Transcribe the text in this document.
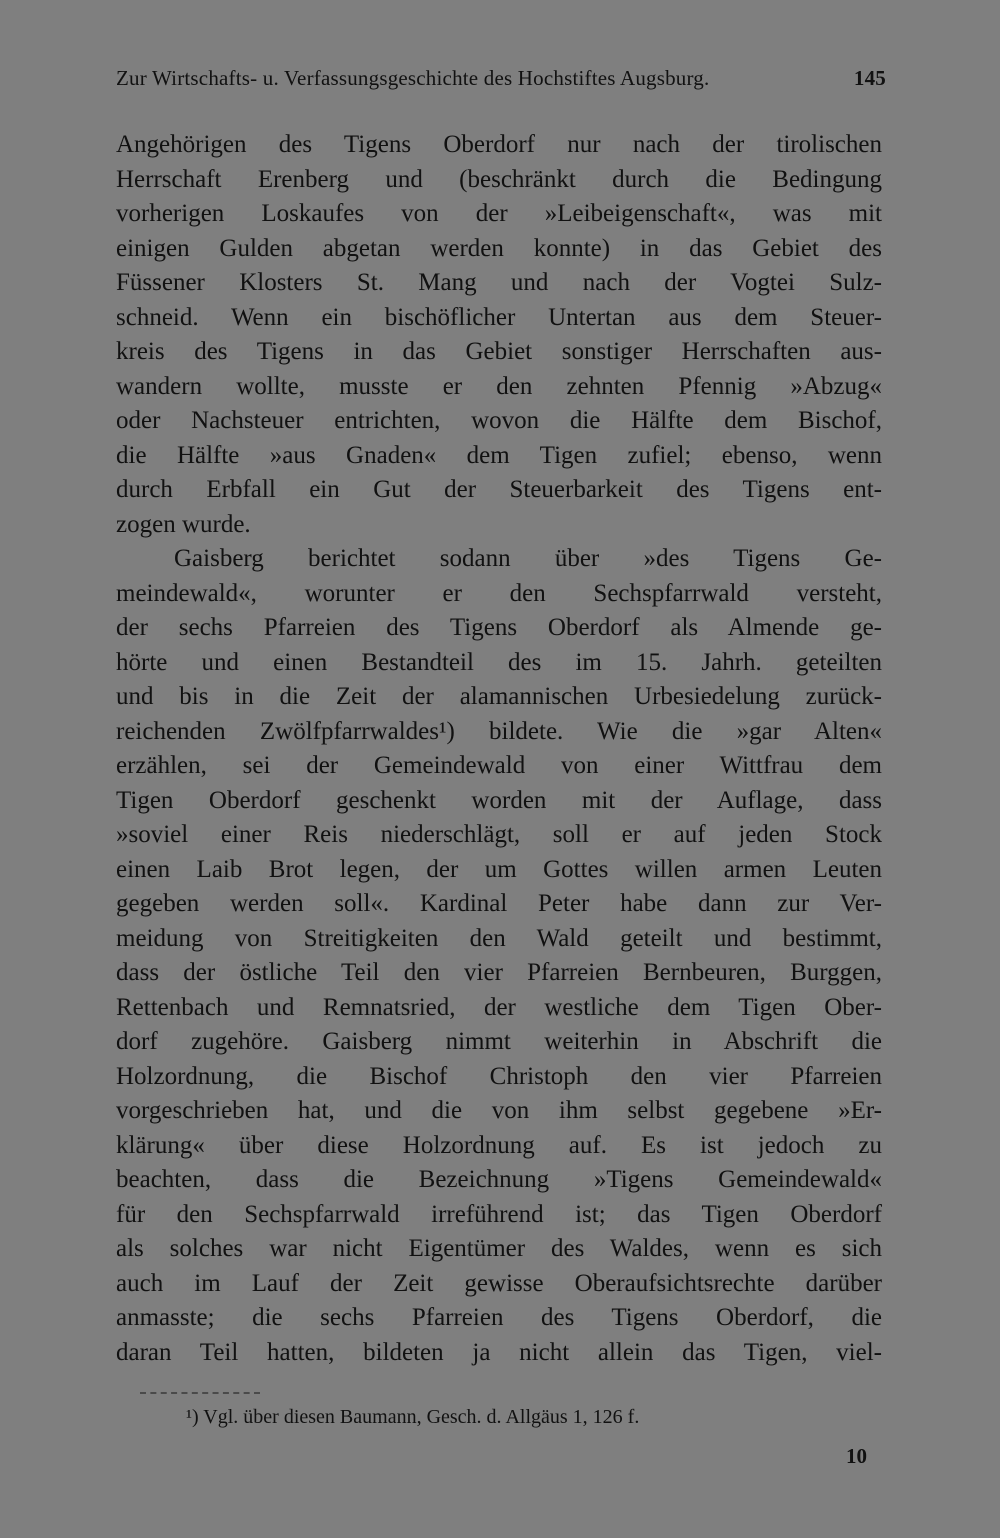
Zur Wirtschafts- u. Verfassungsgeschichte des Hochstiftes Augsburg.	145
Angehörigen des Tigens Oberdorf nur nach der tirolischen
Herrschaft Erenberg und (beschränkt durch die Bedingung
vorherigen Loskaufes von der »Leibeigenschaft«, was mit
einigen Gulden abgetan werden konnte) in das Gebiet des
Füssener Klosters St. Mang und nach der Vogtei Sulz-
schneid. Wenn ein bischöflicher Untertan aus dem Steuer-
kreis des Tigens in das Gebiet sonstiger Herrschaften aus-
wandern wollte, musste er den zehnten Pfennig »Abzug«
oder Nachsteuer entrichten, wovon die Hälfte dem Bischof,
die Hälfte »aus Gnaden« dem Tigen zufiel; ebenso, wenn
durch Erbfall ein Gut der Steuerbarkeit des Tigens ent-
zogen wurde.
Gaisberg berichtet sodann über »des Tigens Ge-
meindewald«, worunter er den Sechspfarrwald versteht,
der sechs Pfarreien des Tigens Oberdorf als Almende ge-
hörte und einen Bestandteil des im 15. Jahrh. geteilten
und bis in die Zeit der alamannischen Urbesiedelung zurück-
reichenden Zwölfpfarrwaldes¹) bildete. Wie die »gar Alten«
erzählen, sei der Gemeindewald von einer Wittfrau dem
Tigen Oberdorf geschenkt worden mit der Auflage, dass
»soviel einer Reis niederschlägt, soll er auf jeden Stock
einen Laib Brot legen, der um Gottes willen armen Leuten
gegeben werden soll«. Kardinal Peter habe dann zur Ver-
meidung von Streitigkeiten den Wald geteilt und bestimmt,
dass der östliche Teil den vier Pfarreien Bernbeuren, Burggen,
Rettenbach und Remnatsried, der westliche dem Tigen Ober-
dorf zugehöre. Gaisberg nimmt weiterhin in Abschrift die
Holzordnung, die Bischof Christoph den vier Pfarreien
vorgeschrieben hat, und die von ihm selbst gegebene »Er-
klärung« über diese Holzordnung auf. Es ist jedoch zu
beachten, dass die Bezeichnung »Tigens Gemeindewald«
für den Sechspfarrwald irreführend ist; das Tigen Oberdorf
als solches war nicht Eigentümer des Waldes, wenn es sich
auch im Lauf der Zeit gewisse Oberaufsichtsrechte darüber
anmasste; die sechs Pfarreien des Tigens Oberdorf, die
daran Teil hatten, bildeten ja nicht allein das Tigen, viel-
¹) Vgl. über diesen Baumann, Gesch. d. Allgäus 1, 126 f.
10
